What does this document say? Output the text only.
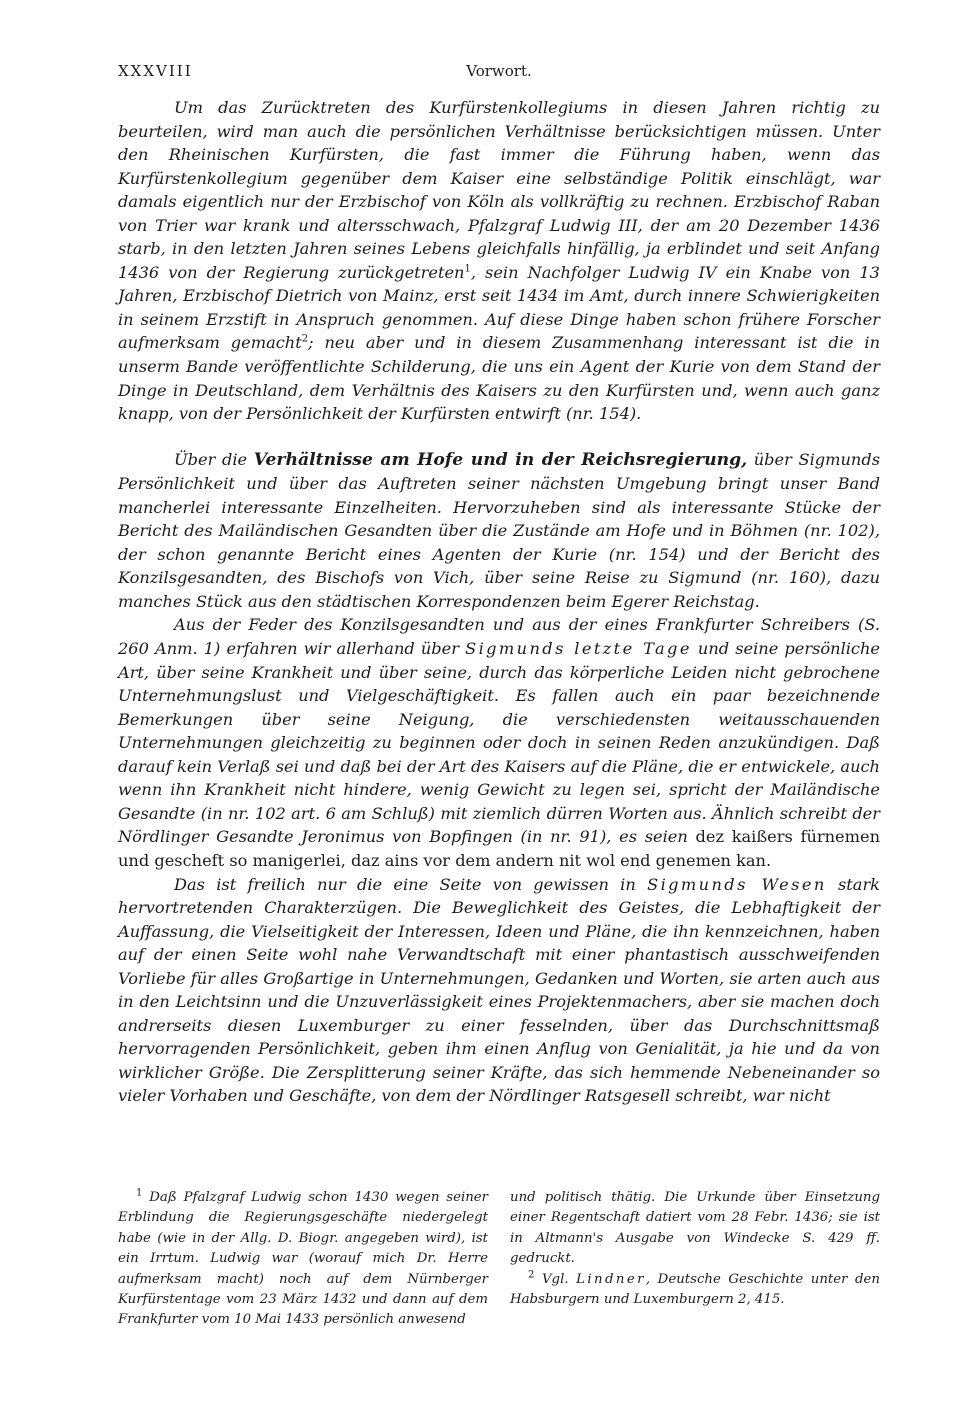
XXXVIII	Vorwort.

Um das Zurücktreten des Kurfürstenkollegiums in diesen Jahren richtig zu beurteilen, wird man auch die persönlichen Verhältnisse berücksichtigen müssen. Unter den Rheinischen Kurfürsten, die fast immer die Führung haben, wenn das Kurfürstenkollegium gegenüber dem Kaiser eine selbständige Politik einschlägt, war damals eigentlich nur der Erzbischof von Köln als vollkräftig zu rechnen. Erzbischof Raban von Trier war krank und altersschwach, Pfalzgraf Ludwig III, der am 20 Dezember 1436 starb, in den letzten Jahren seines Lebens gleichfalls hinfällig, ja erblindet und seit Anfang 1436 von der Regierung zurückgetreten$^1$, sein Nachfolger Ludwig IV ein Knabe von 13 Jahren, Erzbischof Dietrich von Mainz, erst seit 1434 im Amt, durch innere Schwierigkeiten in seinem Erzstift in Anspruch genommen. Auf diese Dinge haben schon frühere Forscher aufmerksam gemacht$^2$; neu aber und in diesem Zusammenhang interessant ist die in unserm Bande veröffentlichte Schilderung, die uns ein Agent der Kurie von dem Stand der Dinge in Deutschland, dem Verhältnis des Kaisers zu den Kurfürsten und, wenn auch ganz knapp, von der Persönlichkeit der Kurfürsten entwirft (nr. 154).

Über die Verhältnisse am Hofe und in der Reichsregierung, über Sigmunds Persönlichkeit und über das Auftreten seiner nächsten Umgebung bringt unser Band mancherlei interessante Einzelheiten. Hervorzuheben sind als interessante Stücke der Bericht des Mailändischen Gesandten über die Zustände am Hofe und in Böhmen (nr. 102), der schon genannte Bericht eines Agenten der Kurie (nr. 154) und der Bericht des Konzilsgesandten, des Bischofs von Vich, über seine Reise zu Sigmund (nr. 160), dazu manches Stück aus den städtischen Korrespondenzen beim Egerer Reichstag.

Aus der Feder des Konzilsgesandten und aus der eines Frankfurter Schreibers (S. 260 Anm. 1) erfahren wir allerhand über Sigmunds letzte Tage und seine persönliche Art, über seine Krankheit und über seine, durch das körperliche Leiden nicht gebrochene Unternehmungslust und Vielgeschäftigkeit. Es fallen auch ein paar bezeichnende Bemerkungen über seine Neigung, die verschiedensten weitausschauenden Unternehmungen gleichzeitig zu beginnen oder doch in seinen Reden anzukündigen. Daß darauf kein Verlaß sei und daß bei der Art des Kaisers auf die Pläne, die er entwickele, auch wenn ihn Krankheit nicht hindere, wenig Gewicht zu legen sei, spricht der Mailändische Gesandte (in nr. 102 art. 6 am Schluß) mit ziemlich dürren Worten aus. Ähnlich schreibt der Nördlinger Gesandte Jeronimus von Bopfingen (in nr. 91), es seien dez kaißers fürnemen und gescheft so manigerlei, daz ains vor dem andern nit wol end genemen kan.

Das ist freilich nur die eine Seite von gewissen in Sigmunds Wesen stark hervortretenden Charakterzügen. Die Beweglichkeit des Geistes, die Lebhaftigkeit der Auffassung, die Vielseitigkeit der Interessen, Ideen und Pläne, die ihn kennzeichnen, haben auf der einen Seite wohl nahe Verwandtschaft mit einer phantastisch ausschweifenden Vorliebe für alles Großartige in Unternehmungen, Gedanken und Worten, sie arten auch aus in den Leichtsinn und die Unzuverlässigkeit eines Projektenmachers, aber sie machen doch andrerseits diesen Luxemburger zu einer fesselnden, über das Durchschnittsmaß hervorragenden Persönlichkeit, geben ihm einen Anflug von Genialität, ja hie und da von wirklicher Größe. Die Zersplitterung seiner Kräfte, das sich hemmende Nebeneinander so vieler Vorhaben und Geschäfte, von dem der Nördlinger Ratsgesell schreibt, war nicht

$^1$ Daß Pfalzgraf Ludwig schon 1430 wegen seiner Erblindung die Regierungsgeschäfte niedergelegt habe (wie in der Allg. D. Biogr. angegeben wird), ist ein Irrtum. Ludwig war (worauf mich Dr. Herre aufmerksam macht) noch auf dem Nürnberger Kurfürstentage vom 23 März 1432 und dann auf dem Frankfurter vom 10 Mai 1433 persönlich anwesend

und politisch thätig. Die Urkunde über Einsetzung einer Regentschaft datiert vom 28 Febr. 1436; sie ist in Altmann's Ausgabe von Windecke S. 429 ff. gedruckt.

$^2$ Vgl. Lindner, Deutsche Geschichte unter den Habsburgern und Luxemburgern 2, 415.
